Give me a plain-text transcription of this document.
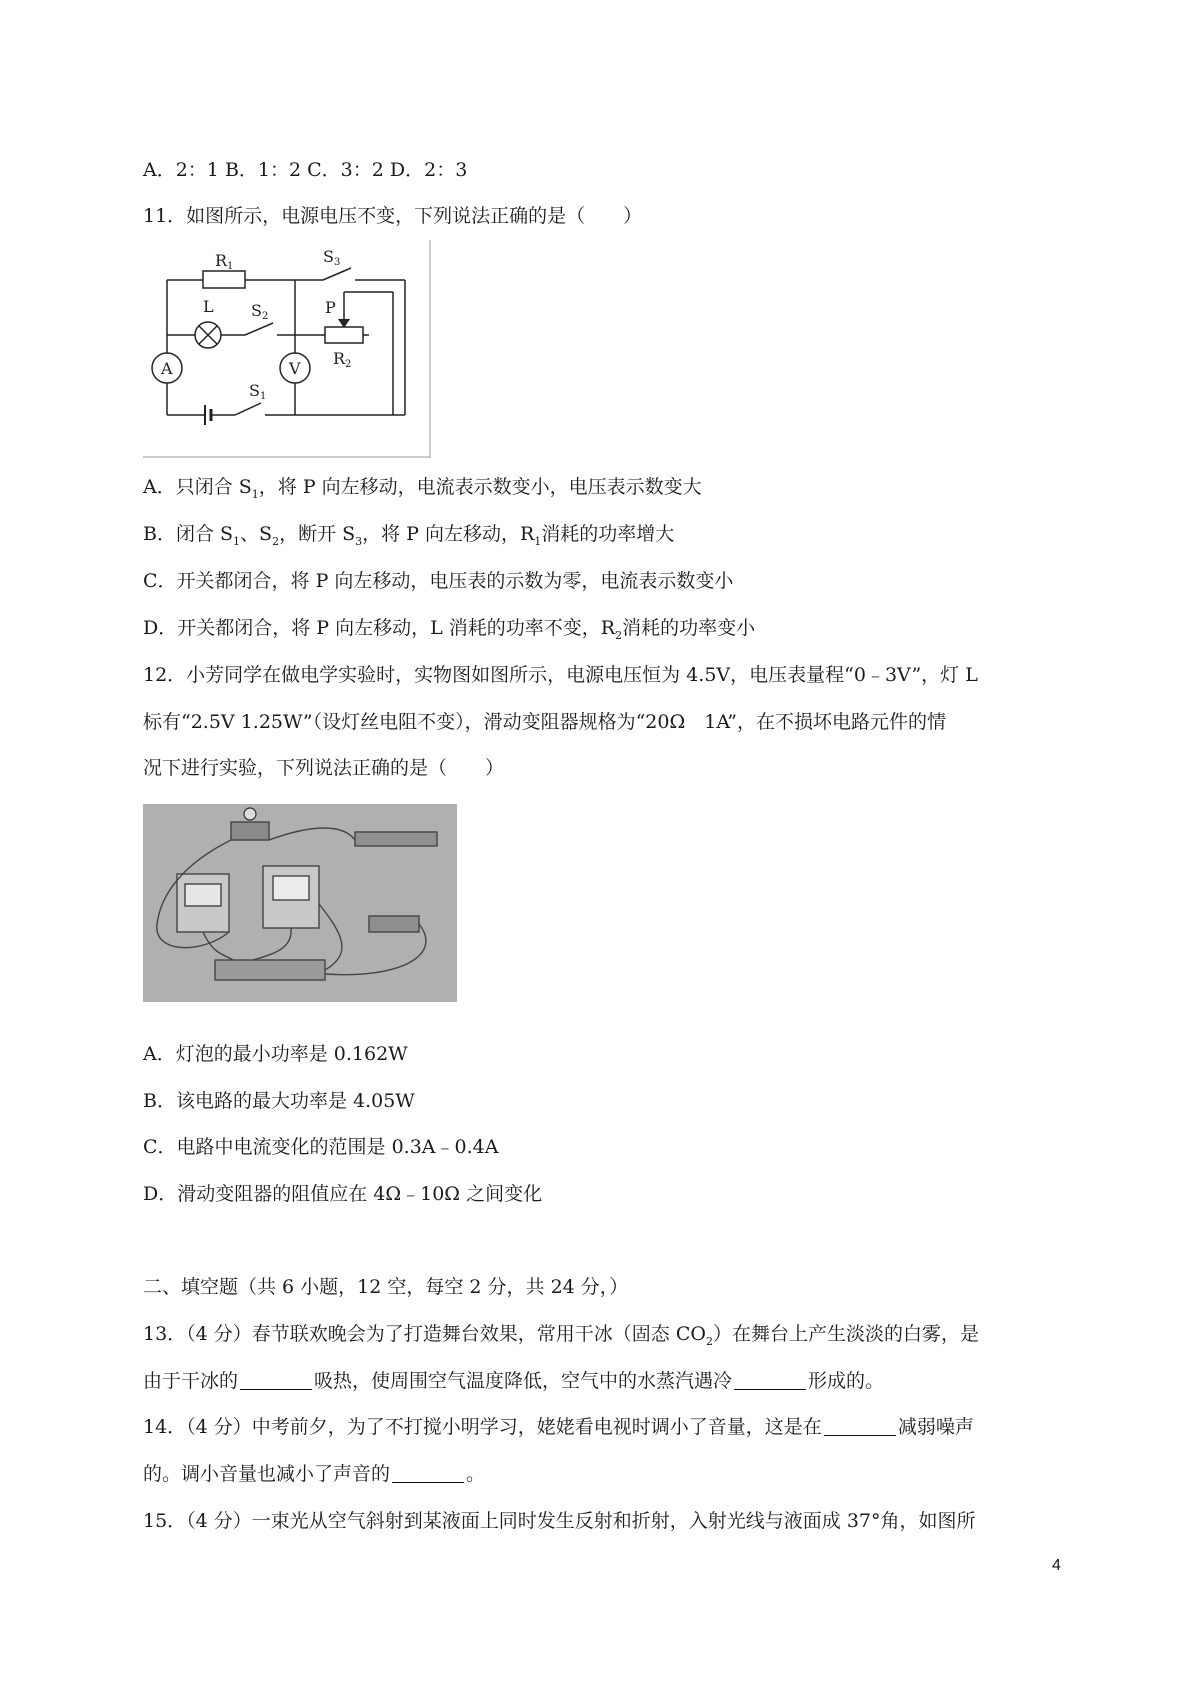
A．2：1 B．1：2 C．3：2 D．2：3
11．如图所示，电源电压不变，下列说法正确的是（　　）
R1
S3
L S2	P
R2
A	V
S1
A．只闭合 $S_1$，将 P 向左移动，电流表示数变小，电压表示数变大
B．闭合 $S_1$、$S_2$，断开 $S_3$，将 P 向左移动，$R_1$消耗的功率增大
C．开关都闭合，将 P 向左移动，电压表的示数为零，电流表示数变小
D．开关都闭合，将 P 向左移动，L 消耗的功率不变，$R_2$消耗的功率变小
12．小芳同学在做电学实验时，实物图如图所示，电源电压恒为 4.5V，电压表量程“0﹣3V”，灯 L
标有“2.5V 1.25W”（设灯丝电阻不变），滑动变阻器规格为“20Ω　1A”，在不损坏电路元件的情
况下进行实验，下列说法正确的是（　　）
A．灯泡的最小功率是 0.162W
B．该电路的最大功率是 4.05W
C．电路中电流变化的范围是 0.3A﹣0.4A
D．滑动变阻器的阻值应在 4Ω﹣10Ω 之间变化
二、填空题（共 6 小题，12 空，每空 2 分，共 24 分，）
13．（4 分）春节联欢晚会为了打造舞台效果，常用干冰（固态 $CO_2$）在舞台上产生淡淡的白雾，是
由于干冰的	吸热，使周围空气温度降低，空气中的水蒸汽遇冷	形成的。
14．（4 分）中考前夕，为了不打搅小明学习，姥姥看电视时调小了音量，这是在	减弱噪声
的。调小音量也减小了声音的	。
15．（4 分）一束光从空气斜射到某液面上同时发生反射和折射，入射光线与液面成 37°角，如图所
4
